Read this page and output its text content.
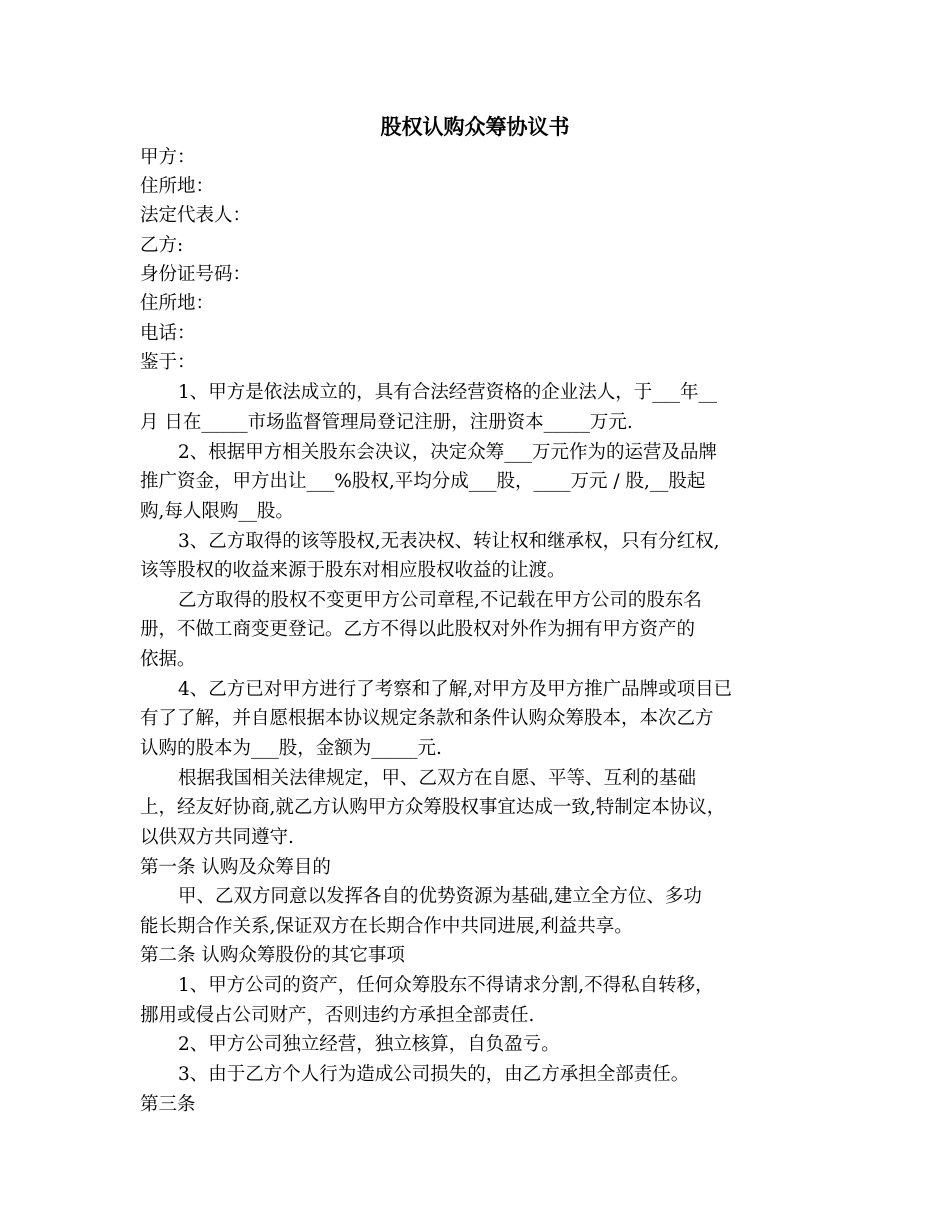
股权认购众筹协议书
甲方：
住所地：
法定代表人：
乙方:
身份证号码：
住所地：
电话：
鉴于：
1、甲方是依法成立的，具有合法经营资格的企业法人，于___年__
月 日在_____市场监督管理局登记注册，注册资本_____万元.
2、根据甲方相关股东会决议，决定众筹___万元作为的运营及品牌
推广资金，甲方出让___%股权,平均分成___股，____万元 / 股,__股起
购,每人限购__股。
3、乙方取得的该等股权,无表决权、转让权和继承权，只有分红权,
该等股权的收益来源于股东对相应股权收益的让渡。
乙方取得的股权不变更甲方公司章程,不记载在甲方公司的股东名
册，不做工商变更登记。乙方不得以此股权对外作为拥有甲方资产的
依据。
4、乙方已对甲方进行了考察和了解,对甲方及甲方推广品牌或项目已
有了了解，并自愿根据本协议规定条款和条件认购众筹股本，本次乙方
认购的股本为___股，金额为_____元.
根据我国相关法律规定，甲、乙双方在自愿、平等、互利的基础
上，经友好协商,就乙方认购甲方众筹股权事宜达成一致,特制定本协议，
以供双方共同遵守.
第一条 认购及众筹目的
甲、乙双方同意以发挥各自的优势资源为基础,建立全方位、多功
能长期合作关系,保证双方在长期合作中共同进展,利益共享。
第二条 认购众筹股份的其它事项
1、甲方公司的资产，任何众筹股东不得请求分割,不得私自转移，
挪用或侵占公司财产，否则违约方承担全部责任.
2、甲方公司独立经营，独立核算，自负盈亏。
3、由于乙方个人行为造成公司损失的，由乙方承担全部责任。
第三条
